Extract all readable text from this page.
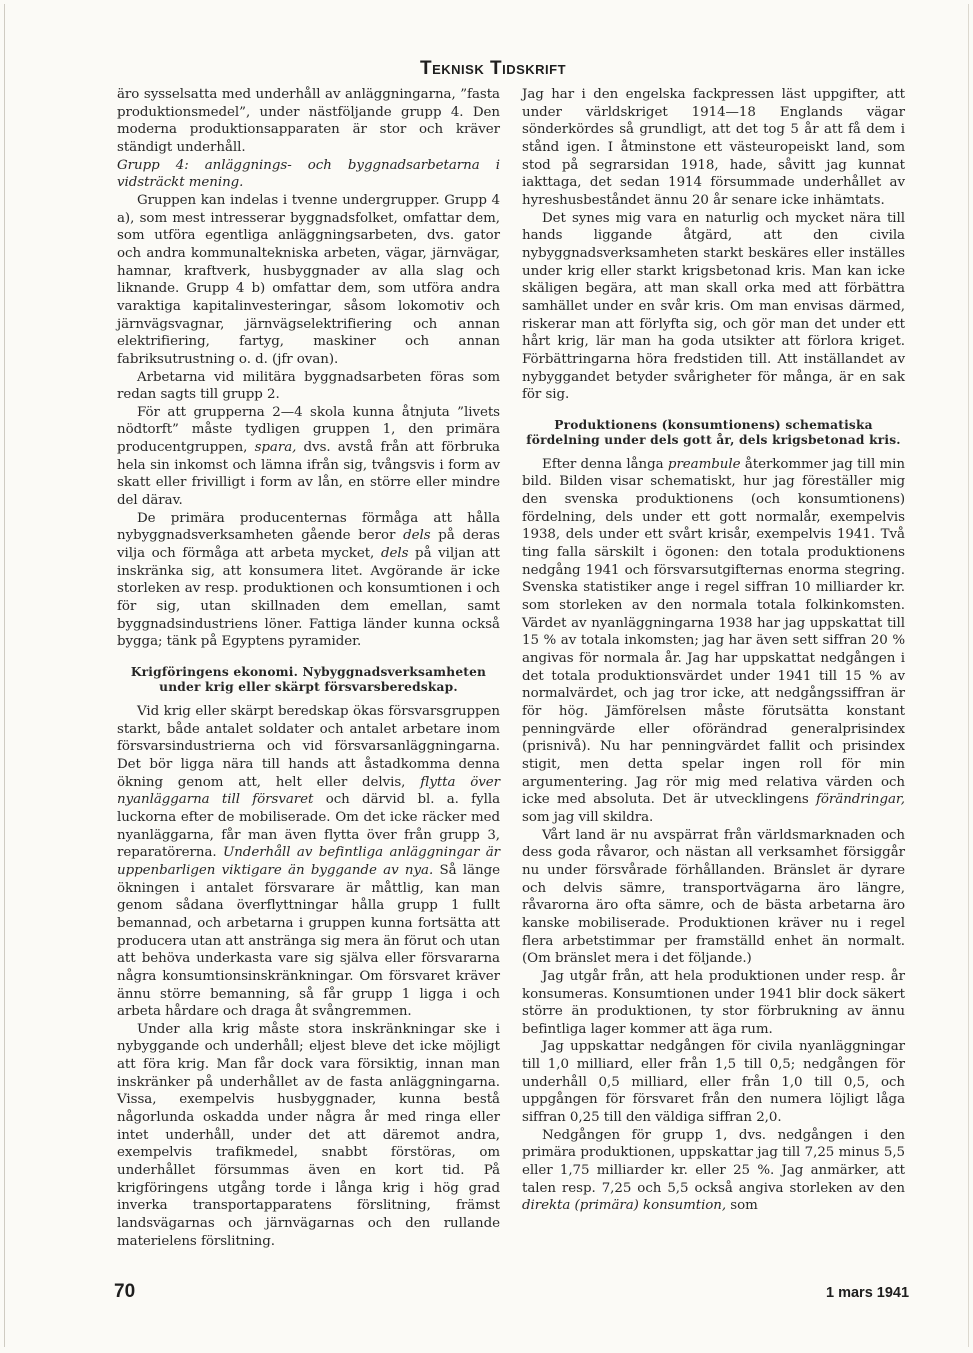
Teknisk Tidskrift

äro sysselsatta med underhåll av anläggningarna, ”fasta produktionsmedel”, under nästföljande grupp 4. Den moderna produktionsapparaten är stor och kräver ständigt underhåll.

Grupp 4: anläggnings- och byggnadsarbetarna i vidsträckt mening.

Gruppen kan indelas i tvenne undergrupper. Grupp 4 a), som mest intresserar byggnadsfolket, omfattar dem, som utföra egentliga anläggningsarbeten, dvs. gator och andra kommunaltekniska arbeten, vägar, järnvägar, hamnar, kraftverk, husbyggnader av alla slag och liknande. Grupp 4 b) omfattar dem, som utföra andra varaktiga kapitalinvesteringar, såsom lokomotiv och järnvägsvagnar, järnvägselektrifiering och annan elektrifiering, fartyg, maskiner och annan fabriksutrustning o. d. (jfr ovan).

Arbetarna vid militära byggnadsarbeten föras som redan sagts till grupp 2.

För att grupperna 2—4 skola kunna åtnjuta ”livets nödtorft” måste tydligen gruppen 1, den primära producentgruppen, spara, dvs. avstå från att förbruka hela sin inkomst och lämna ifrån sig, tvångsvis i form av skatt eller frivilligt i form av lån, en större eller mindre del därav.

De primära producenternas förmåga att hålla nybyggnadsverksamheten gående beror dels på deras vilja och förmåga att arbeta mycket, dels på viljan att inskränka sig, att konsumera litet. Avgörande är icke storleken av resp. produktionen och konsumtionen i och för sig, utan skillnaden dem emellan, samt byggnadsindustriens löner. Fattiga länder kunna också bygga; tänk på Egyptens pyramider.

Krigföringens ekonomi. Nybyggnadsverksamheten under krig eller skärpt försvarsberedskap.

Vid krig eller skärpt beredskap ökas försvarsgruppen starkt, både antalet soldater och antalet arbetare inom försvarsindustrierna och vid försvarsanläggningarna. Det bör ligga nära till hands att åstadkomma denna ökning genom att, helt eller delvis, flytta över nyanläggarna till försvaret och därvid bl. a. fylla luckorna efter de mobiliserade. Om det icke räcker med nyanläggarna, får man även flytta över från grupp 3, reparatörerna. Underhåll av befintliga anläggningar är uppenbarligen viktigare än byggande av nya. Så länge ökningen i antalet försvarare är måttlig, kan man genom sådana överflyttningar hålla grupp 1 fullt bemannad, och arbetarna i gruppen kunna fortsätta att producera utan att anstränga sig mera än förut och utan att behöva underkasta vare sig själva eller försvararna några konsumtionsinskränkningar. Om försvaret kräver ännu större bemanning, så får grupp 1 ligga i och arbeta hårdare och draga åt svångremmen.

Under alla krig måste stora inskränkningar ske i nybyggande och underhåll; eljest bleve det icke möjligt att föra krig. Man får dock vara försiktig, innan man inskränker på underhållet av de fasta anläggningarna. Vissa, exempelvis husbyggnader, kunna bestå någorlunda oskadda under några år med ringa eller intet underhåll, under det att däremot andra, exempelvis trafikmedel, snabbt förstöras, om underhållet försummas även en kort tid. På krigföringens utgång torde i långa krig i hög grad inverka transportapparatens förslitning, främst landsvägarnas och järnvägarnas och den rullande materielens förslitning.

Jag har i den engelska fackpressen läst uppgifter, att under världskriget 1914—18 Englands vägar sönderkördes så grundligt, att det tog 5 år att få dem i stånd igen. I åtminstone ett västeuropeiskt land, som stod på segrarsidan 1918, hade, såvitt jag kunnat iakttaga, det sedan 1914 försummade underhållet av hyreshusbeståndet ännu 20 år senare icke inhämtats.

Det synes mig vara en naturlig och mycket nära till hands liggande åtgärd, att den civila nybyggnadsverksamheten starkt beskäres eller inställes under krig eller starkt krigsbetonad kris. Man kan icke skäligen begära, att man skall orka med att förbättra samhället under en svår kris. Om man envisas därmed, riskerar man att förlyfta sig, och gör man det under ett hårt krig, lär man ha goda utsikter att förlora kriget. Förbättringarna höra fredstiden till. Att inställandet av nybyggandet betyder svårigheter för många, är en sak för sig.

Produktionens (konsumtionens) schematiska fördelning under dels gott år, dels krigsbetonad kris.

Efter denna långa preambule återkommer jag till min bild. Bilden visar schematiskt, hur jag föreställer mig den svenska produktionens (och konsumtionens) fördelning, dels under ett gott normalår, exempelvis 1938, dels under ett svårt krisår, exempelvis 1941. Två ting falla särskilt i ögonen: den totala produktionens nedgång 1941 och försvarsutgifternas enorma stegring. Svenska statistiker ange i regel siffran 10 milliarder kr. som storleken av den normala totala folkinkomsten. Värdet av nyanläggningarna 1938 har jag uppskattat till 15 % av totala inkomsten; jag har även sett siffran 20 % angivas för normala år. Jag har uppskattat nedgången i det totala produktionsvärdet under 1941 till 15 % av normalvärdet, och jag tror icke, att nedgångssiffran är för hög. Jämförelsen måste förutsätta konstant penningvärde eller oförändrad generalprisindex (prisnivå). Nu har penningvärdet fallit och prisindex stigit, men detta spelar ingen roll för min argumentering. Jag rör mig med relativa värden och icke med absoluta. Det är utvecklingens förändringar, som jag vill skildra.

Vårt land är nu avspärrat från världsmarknaden och dess goda råvaror, och nästan all verksamhet försiggår nu under försvårade förhållanden. Bränslet är dyrare och delvis sämre, transportvägarna äro längre, råvarorna äro ofta sämre, och de bästa arbetarna äro kanske mobiliserade. Produktionen kräver nu i regel flera arbetstimmar per framställd enhet än normalt. (Om bränslet mera i det följande.)

Jag utgår från, att hela produktionen under resp. år konsumeras. Konsumtionen under 1941 blir dock säkert större än produktionen, ty stor förbrukning av ännu befintliga lager kommer att äga rum.

Jag uppskattar nedgången för civila nyanläggningar till 1,0 milliard, eller från 1,5 till 0,5; nedgången för underhåll 0,5 milliard, eller från 1,0 till 0,5, och uppgången för försvaret från den numera löjligt låga siffran 0,25 till den väldiga siffran 2,0.

Nedgången för grupp 1, dvs. nedgången i den primära produktionen, uppskattar jag till 7,25 minus 5,5 eller 1,75 milliarder kr. eller 25 %. Jag anmärker, att talen resp. 7,25 och 5,5 också angiva storleken av den direkta (primära) konsumtion, som

70	1 mars 1941
